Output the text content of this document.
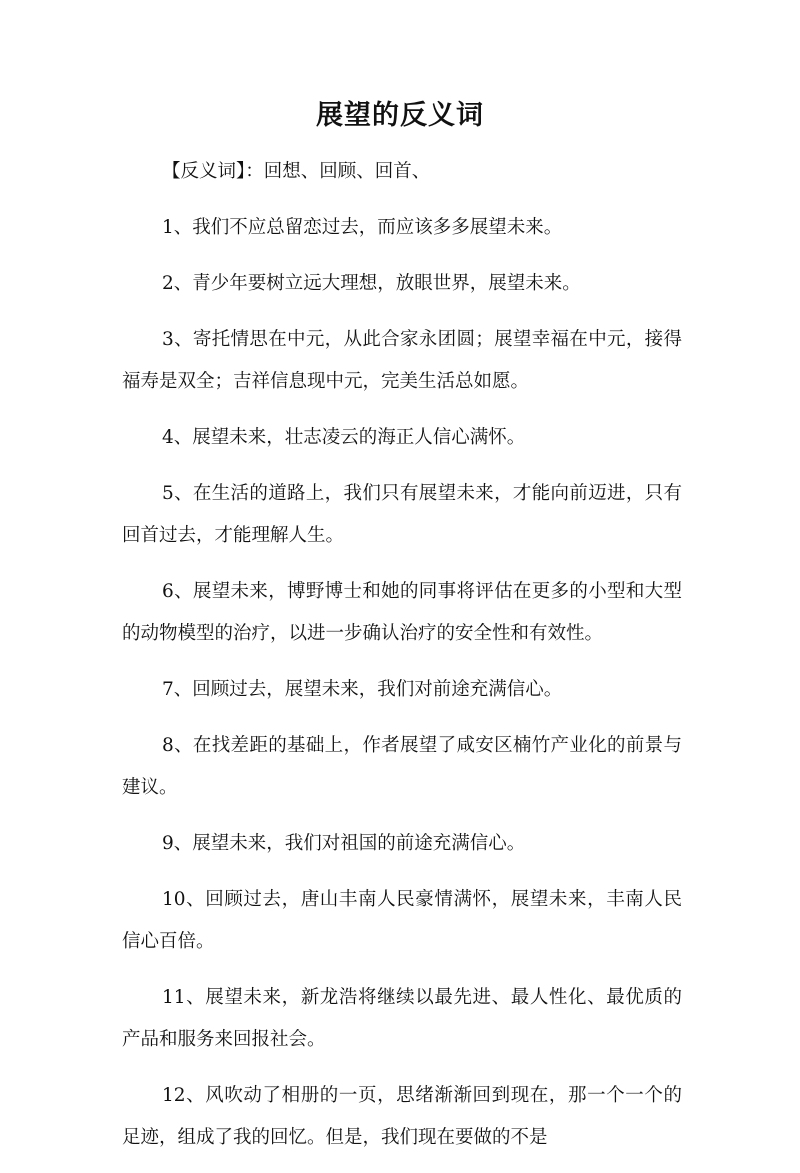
展望的反义词

【反义词】：回想、回顾、回首、

1、我们不应总留恋过去，而应该多多展望未来。

2、青少年要树立远大理想，放眼世界，展望未来。

3、寄托情思在中元，从此合家永团圆；展望幸福在中元，接得福寿是双全；吉祥信息现中元，完美生活总如愿。

4、展望未来，壮志凌云的海正人信心满怀。

5、在生活的道路上，我们只有展望未来，才能向前迈进，只有回首过去，才能理解人生。

6、展望未来，博野博士和她的同事将评估在更多的小型和大型的动物模型的治疗，以进一步确认治疗的安全性和有效性。

7、回顾过去，展望未来，我们对前途充满信心。

8、在找差距的基础上，作者展望了咸安区楠竹产业化的前景与建议。

9、展望未来，我们对祖国的前途充满信心。

10、回顾过去，唐山丰南人民豪情满怀，展望未来，丰南人民信心百倍。

11、展望未来，新龙浩将继续以最先进、最人性化、最优质的产品和服务来回报社会。

12、风吹动了相册的一页，思绪渐渐回到现在，那一个一个的足迹，组成了我的回忆。但是，我们现在要做的不是
